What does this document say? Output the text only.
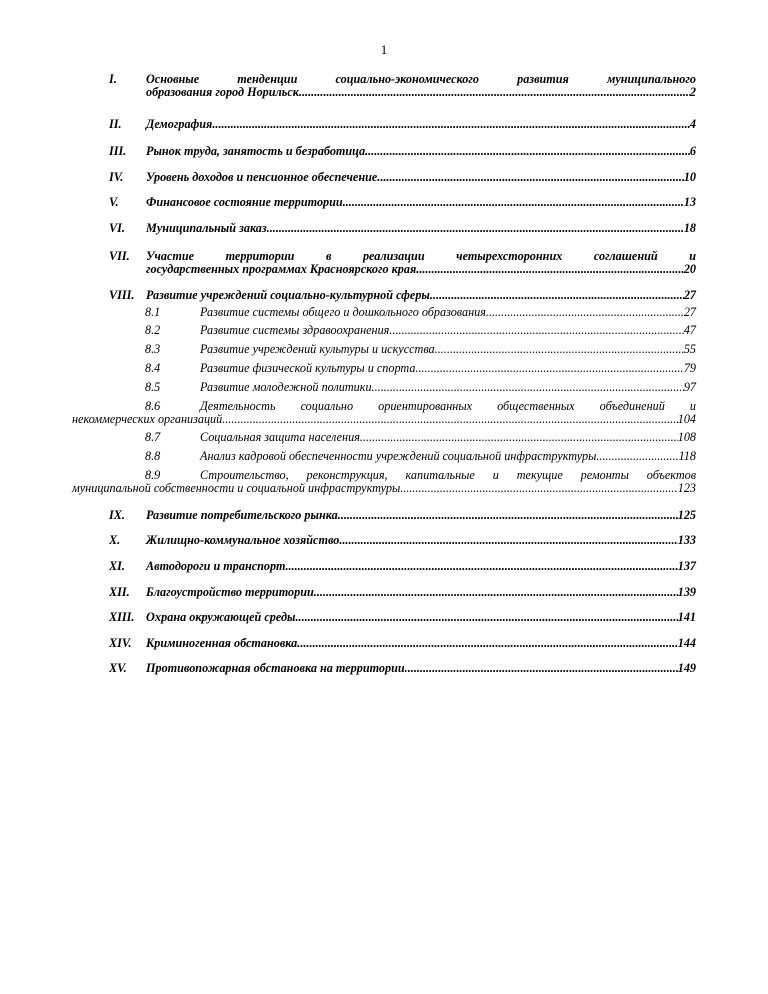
1
I.	Основные тенденции социально-экономического развития муниципального
образования город Норильск .....	2
II.	Демография .....	4
III.	Рынок труда, занятость и безработица .....	6
IV.	Уровень доходов и пенсионное обеспечение .....	10
V.	Финансовое состояние территории .....	13
VI.	Муниципальный заказ .....	18
VII.	Участие территории в реализации четырехсторонних соглашений и
государственных программах Красноярского края .....	20
VIII. Развитие учреждений социально-культурной сферы .....	27
8.1	Развитие системы общего и дошкольного образования .....	27
8.2	Развитие системы здравоохранения .....	47
8.3	Развитие учреждений культуры и искусства .....	55
8.4	Развитие физической культуры и спорта .....	79
8.5	Развитие молодежной политики .....	97
8.6	Деятельность социально ориентированных общественных объединений и
некоммерческих организаций .....	104
8.7	Социальная защита населения .....	108
8.8	Анализ кадровой обеспеченности учреждений социальной инфраструктуры .....	118
8.9	Строительство, реконструкция, капитальные и текущие ремонты объектов
муниципальной собственности и социальной инфраструктуры .....	123
IX.	Развитие потребительского рынка .....	125
X.	Жилищно-коммунальное хозяйство .....	133
XI.	Автодороги и транспорт .....	137
XII.	Благоустройство территории .....	139
XIII. Охрана окружающей среды .....	141
XIV.	Криминогенная обстановка .....	144
XV.	Противопожарная обстановка на территории .....	149
